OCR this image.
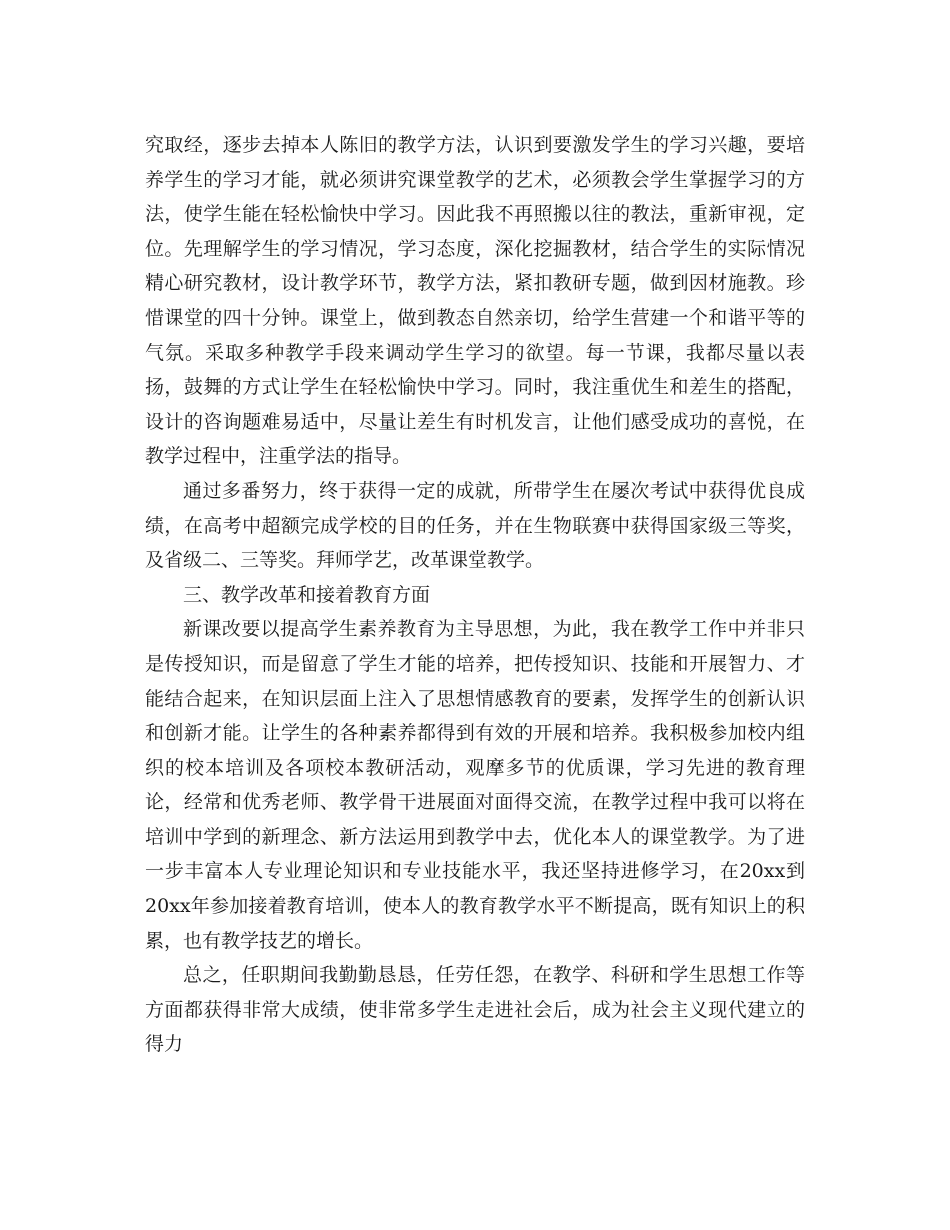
究取经，逐步去掉本人陈旧的教学方法，认识到要激发学生的学习兴趣，要培养学生的学习才能，就必须讲究课堂教学的艺术，必须教会学生掌握学习的方法，使学生能在轻松愉快中学习。因此我不再照搬以往的教法，重新审视，定位。先理解学生的学习情况，学习态度，深化挖掘教材，结合学生的实际情况精心研究教材，设计教学环节，教学方法，紧扣教研专题，做到因材施教。珍惜课堂的四十分钟。课堂上，做到教态自然亲切，给学生营建一个和谐平等的气氛。采取多种教学手段来调动学生学习的欲望。每一节课，我都尽量以表扬，鼓舞的方式让学生在轻松愉快中学习。同时，我注重优生和差生的搭配，设计的咨询题难易适中，尽量让差生有时机发言，让他们感受成功的喜悦，在教学过程中，注重学法的指导。

通过多番努力，终于获得一定的成就，所带学生在屡次考试中获得优良成绩，在高考中超额完成学校的目的任务，并在生物联赛中获得国家级三等奖，及省级二、三等奖。拜师学艺，改革课堂教学。

三、教学改革和接着教育方面

新课改要以提高学生素养教育为主导思想，为此，我在教学工作中并非只是传授知识，而是留意了学生才能的培养，把传授知识、技能和开展智力、才能结合起来，在知识层面上注入了思想情感教育的要素，发挥学生的创新认识和创新才能。让学生的各种素养都得到有效的开展和培养。我积极参加校内组织的校本培训及各项校本教研活动，观摩多节的优质课，学习先进的教育理论，经常和优秀老师、教学骨干进展面对面得交流，在教学过程中我可以将在培训中学到的新理念、新方法运用到教学中去，优化本人的课堂教学。为了进一步丰富本人专业理论知识和专业技能水平，我还坚持进修学习，在20xx到20xx年参加接着教育培训，使本人的教育教学水平不断提高，既有知识上的积累，也有教学技艺的增长。

总之，任职期间我勤勤恳恳，任劳任怨，在教学、科研和学生思想工作等方面都获得非常大成绩，使非常多学生走进社会后，成为社会主义现代建立的得力
